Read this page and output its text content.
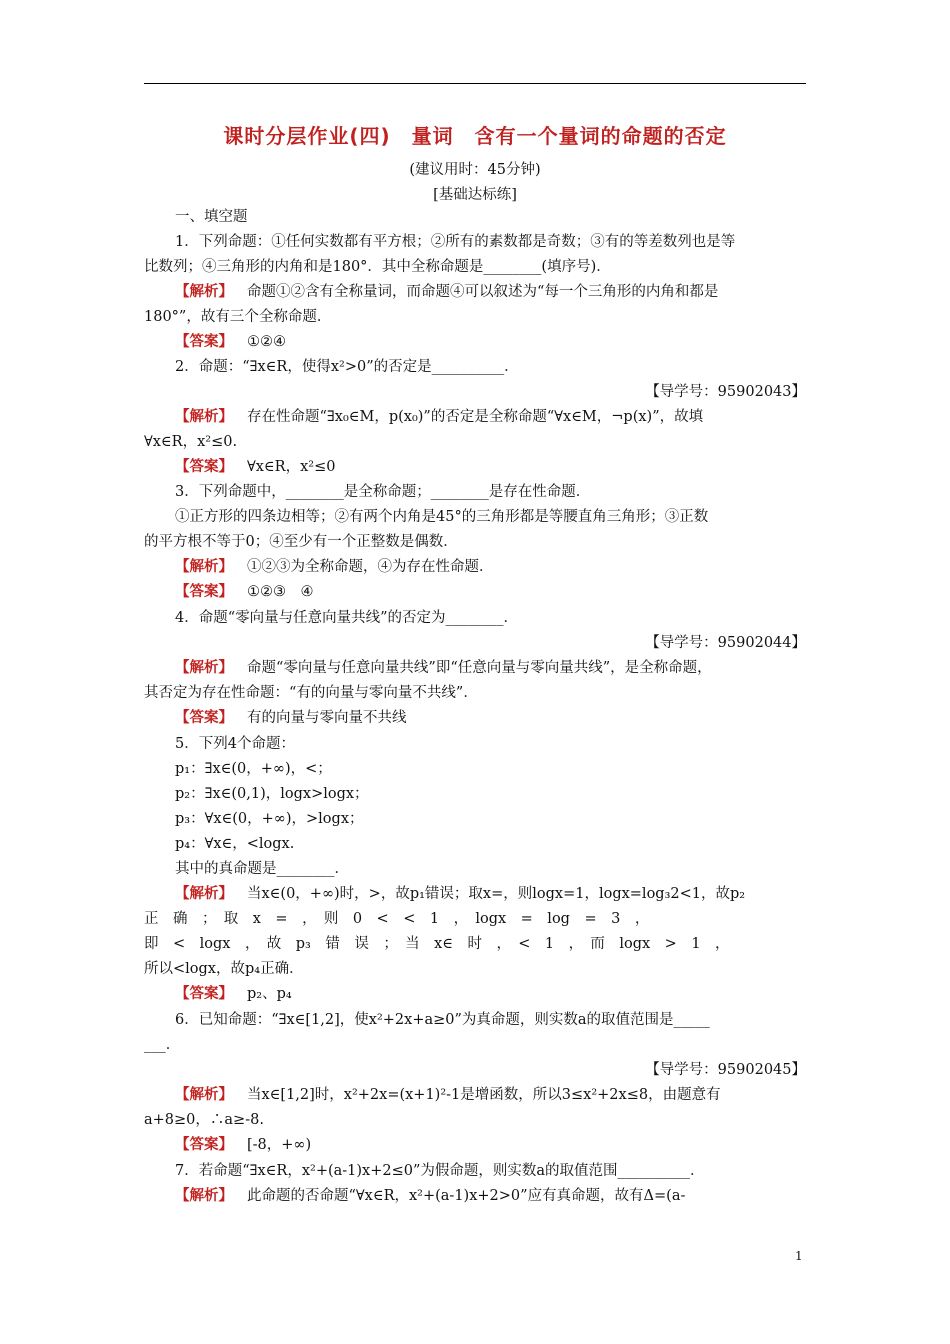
课时分层作业(四)　量词　含有一个量词的命题的否定
(建议用时：45分钟)
[基础达标练]
一、填空题
1．下列命题：①任何实数都有平方根；②所有的素数都是奇数；③有的等差数列也是等
比数列；④三角形的内角和是180°．其中全称命题是________(填序号)．
【解析】 命题①②含有全称量词，而命题④可以叙述为“每一个三角形的内角和都是
180°”，故有三个全称命题．
【答案】 ①②④
2．命题：“∃x∈R，使得x²>0”的否定是__________．
【导学号：95902043】
【解析】 存在性命题“∃x₀∈M，p(x₀)”的否定是全称命题“∀x∈M，¬p(x)”，故填
∀x∈R，x²≤0.
【答案】 ∀x∈R，x²≤0
3．下列命题中，________是全称命题；________是存在性命题．
①正方形的四条边相等；②有两个内角是45°的三角形都是等腰直角三角形；③正数
的平方根不等于0；④至少有一个正整数是偶数．
【解析】 ①②③为全称命题，④为存在性命题．
【答案】 ①②③　④
4．命题“零向量与任意向量共线”的否定为________．
【导学号：95902044】
【解析】 命题“零向量与任意向量共线”即“任意向量与零向量共线”，是全称命题，
其否定为存在性命题：“有的向量与零向量不共线”．
【答案】 有的向量与零向量不共线
5．下列4个命题：
p₁：∃x∈(0，+∞)，<；
p₂：∃x∈(0,1)，logx>logx；
p₃：∀x∈(0，+∞)，>logx；
p₄：∀x∈，<logx.
其中的真命题是________．
【解析】 当x∈(0，+∞)时，>，故p₁错误；取x=，则logx=1，logx=log₃2<1，故p₂
正　确　；　取　x　=　，　则　0　<　<　1　，　logx　=　log　=　3　，
即　<　logx　，　故　p₃　错　误　；　当　x∈　时　，　<　1　，　而　logx　>　1　，
所以<logx，故p₄正确．
【答案】 p₂、p₄
6．已知命题：“∃x∈[1,2]，使x²+2x+a≥0”为真命题，则实数a的取值范围是_____
___．
【导学号：95902045】
【解析】 当x∈[1,2]时，x²+2x=(x+1)²-1是增函数，所以3≤x²+2x≤8，由题意有
a+8≥0，∴a≥-8.
【答案】 [-8，+∞)
7．若命题“∃x∈R，x²+(a-1)x+2≤0”为假命题，则实数a的取值范围__________．
【解析】 此命题的否命题“∀x∈R，x²+(a-1)x+2>0”应有真命题，故有Δ=(a-
1
